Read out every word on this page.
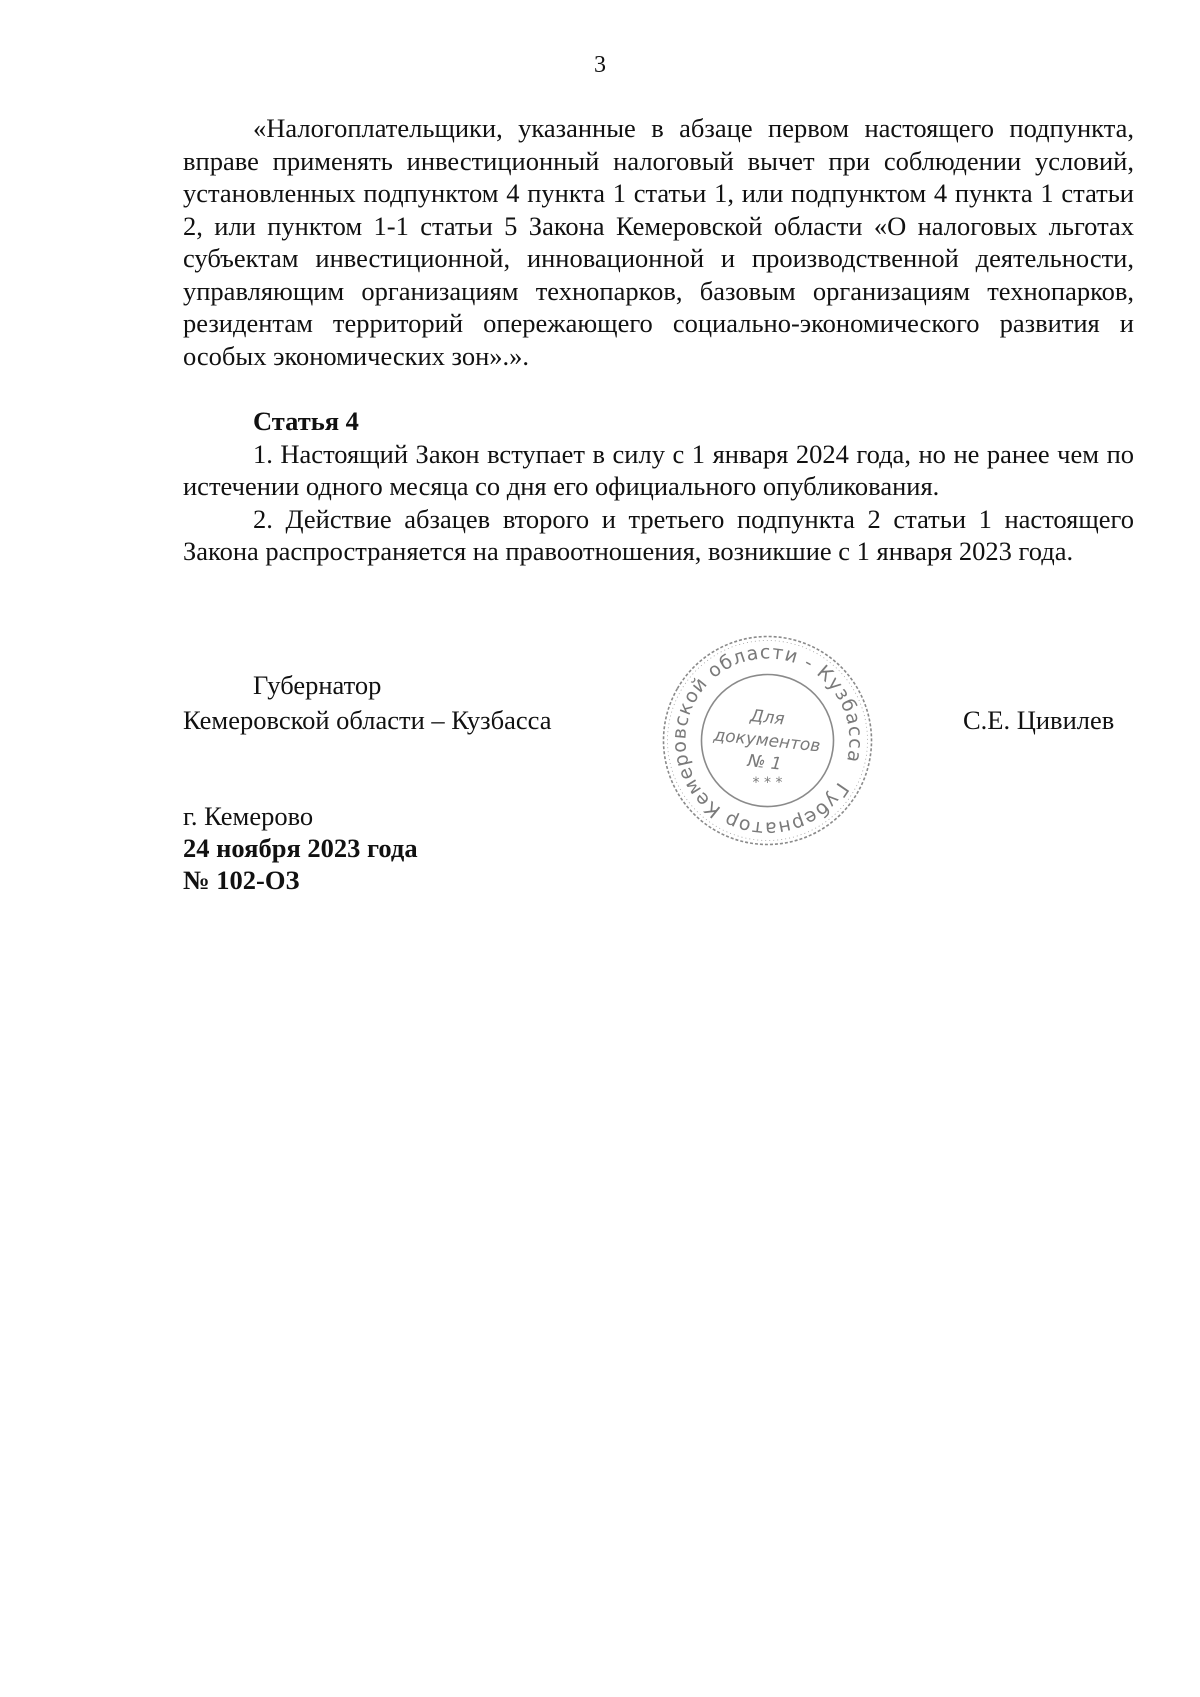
3

«Налогоплательщики, указанные в абзаце первом настоящего подпункта, вправе применять инвестиционный налоговый вычет при соблюдении условий, установленных подпунктом 4 пункта 1 статьи 1, или подпунктом 4 пункта 1 статьи 2, или пунктом 1-1 статьи 5 Закона Кемеровской области «О налоговых льготах субъектам инвестиционной, инновационной и производственной деятельности, управляющим организациям технопарков, базовым организациям технопарков, резидентам территорий опережающего социально-экономического развития и особых экономических зон».».

Статья 4

1. Настоящий Закон вступает в силу с 1 января 2024 года, но не ранее чем по истечении одного месяца со дня его официального опубликования.

2. Действие абзацев второго и третьего подпункта 2 статьи 1 настоящего Закона распространяется на правоотношения, возникшие с 1 января 2023 года.

Губернатор
Кемеровской области – Кузбасса	С.Е. Цивилев
Губернатор Кемеровской области - Кузбасса
* * *
Для
документов
№ 1
г. Кемерово
24 ноября 2023 года
№ 102-ОЗ
